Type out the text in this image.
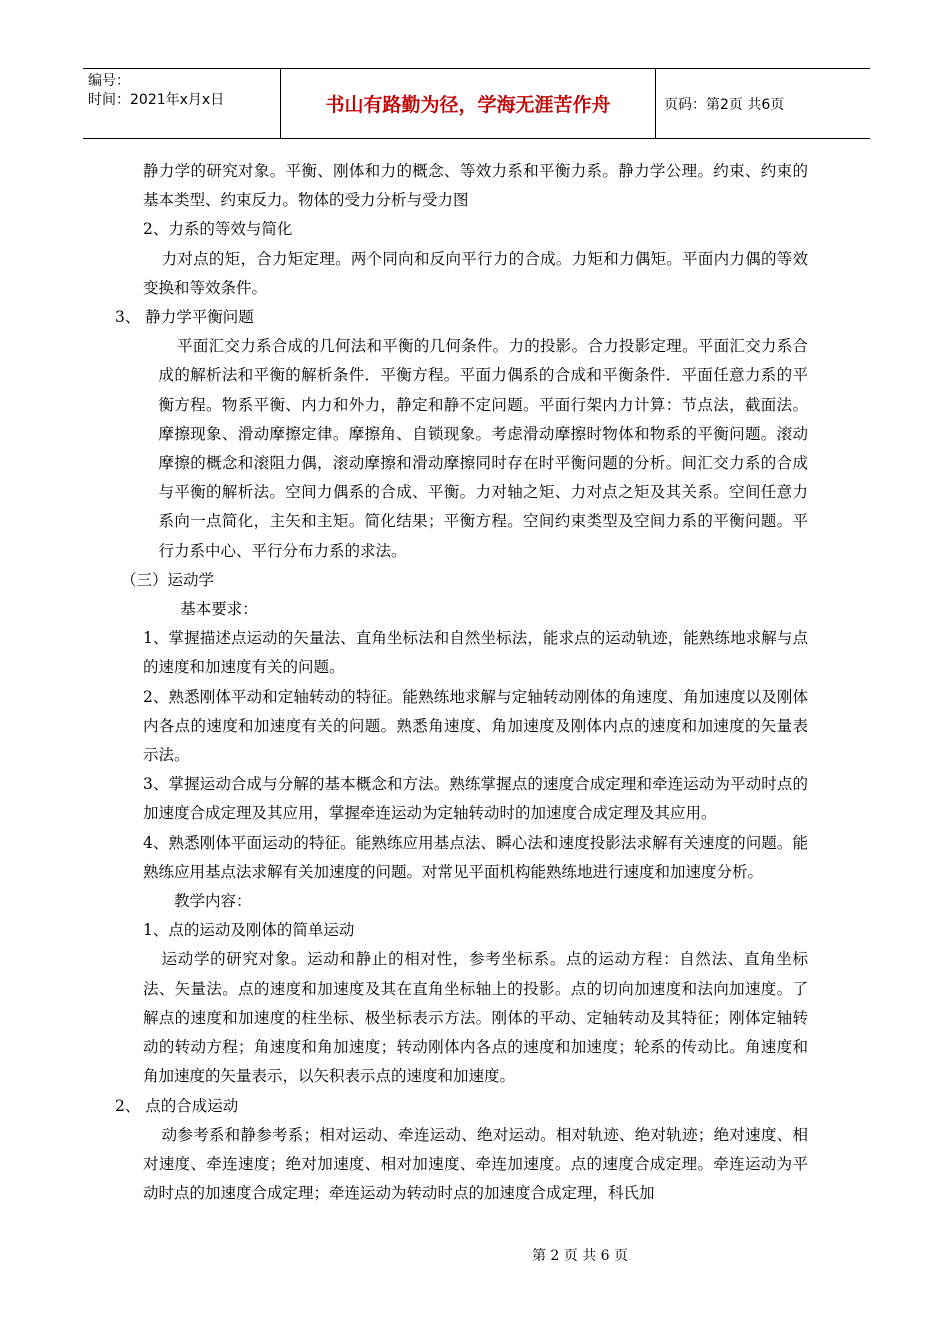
编号：
时间：2021年x月x日	书山有路勤为径，学海无涯苦作舟	页码：第2页 共6页

静力学的研究对象。平衡、刚体和力的概念、等效力系和平衡力系。静力学公理。约束、约束的基本类型、约束反力。物体的受力分析与受力图

2、力系的等效与简化

力对点的矩，合力矩定理。两个同向和反向平行力的合成。力矩和力偶矩。平面内力偶的等效变换和等效条件。

3、 静力学平衡问题

平面汇交力系合成的几何法和平衡的几何条件。力的投影。合力投影定理。平面汇交力系合成的解析法和平衡的解析条件．平衡方程。平面力偶系的合成和平衡条件．平面任意力系的平衡方程。物系平衡、内力和外力，静定和静不定问题。平面行架内力计算：节点法，截面法。摩擦现象、滑动摩擦定律。摩擦角、自锁现象。考虑滑动摩擦时物体和物系的平衡问题。滚动摩擦的概念和滚阻力偶，滚动摩擦和滑动摩擦同时存在时平衡问题的分析。间汇交力系的合成与平衡的解析法。空间力偶系的合成、平衡。力对轴之矩、力对点之矩及其关系。空间任意力系向一点简化，主矢和主矩。简化结果；平衡方程。空间约束类型及空间力系的平衡问题。平行力系中心、平行分布力系的求法。

（三）运动学

基本要求：

1、掌握描述点运动的矢量法、直角坐标法和自然坐标法，能求点的运动轨迹，能熟练地求解与点的速度和加速度有关的问题。

2、熟悉刚体平动和定轴转动的特征。能熟练地求解与定轴转动刚体的角速度、角加速度以及刚体内各点的速度和加速度有关的问题。熟悉角速度、角加速度及刚体内点的速度和加速度的矢量表示法。

3、掌握运动合成与分解的基本概念和方法。熟练掌握点的速度合成定理和牵连运动为平动时点的加速度合成定理及其应用，掌握牵连运动为定轴转动时的加速度合成定理及其应用。

4、熟悉刚体平面运动的特征。能熟练应用基点法、瞬心法和速度投影法求解有关速度的问题。能熟练应用基点法求解有关加速度的问题。对常见平面机构能熟练地进行速度和加速度分析。

教学内容：

1、点的运动及刚体的简单运动

运动学的研究对象。运动和静止的相对性，参考坐标系。点的运动方程：自然法、直角坐标法、矢量法。点的速度和加速度及其在直角坐标轴上的投影。点的切向加速度和法向加速度。了解点的速度和加速度的柱坐标、极坐标表示方法。刚体的平动、定轴转动及其特征；刚体定轴转动的转动方程；角速度和角加速度；转动刚体内各点的速度和加速度；轮系的传动比。角速度和角加速度的矢量表示，以矢积表示点的速度和加速度。

2、 点的合成运动

动参考系和静参考系；相对运动、牵连运动、绝对运动。相对轨迹、绝对轨迹；绝对速度、相对速度、牵连速度；绝对加速度、相对加速度、牵连加速度。点的速度合成定理。牵连运动为平动时点的加速度合成定理；牵连运动为转动时点的加速度合成定理，科氏加

第 2 页 共 6 页
